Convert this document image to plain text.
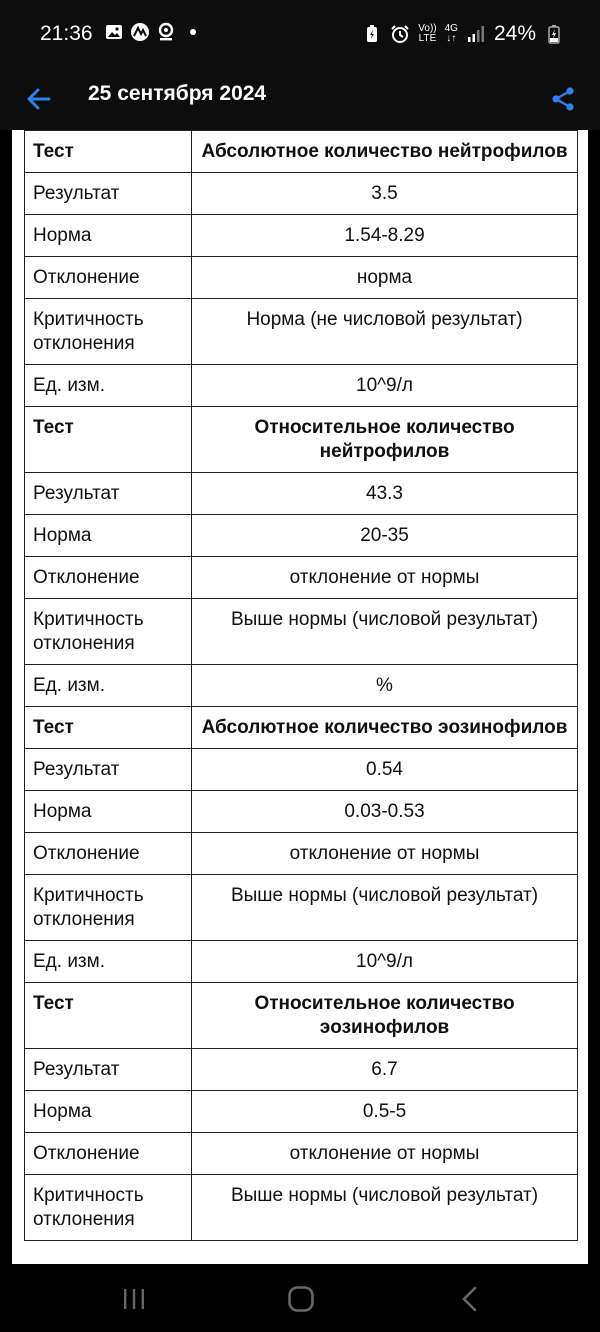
21:36	Vo))
LTE
4G
↓↑ 24%
25 сентября 2024
Тест	Абсолютное количество нейтрофилов
Результат	3.5
Норма	1.54-8.29
Отклонение	норма
Критичность отклонения	Норма (не числовой результат)
Ед. изм.	10^9/л
Тест	Относительное количество нейтрофилов
Результат	43.3
Норма	20-35
Отклонение	отклонение от нормы
Критичность отклонения	Выше нормы (числовой результат)
Ед. изм.	%
Тест	Абсолютное количество эозинофилов
Результат	0.54
Норма	0.03-0.53
Отклонение	отклонение от нормы
Критичность отклонения	Выше нормы (числовой результат)
Ед. изм.	10^9/л
Тест	Относительное количество эозинофилов
Результат	6.7
Норма	0.5-5
Отклонение	отклонение от нормы
Критичность отклонения	Выше нормы (числовой результат)
